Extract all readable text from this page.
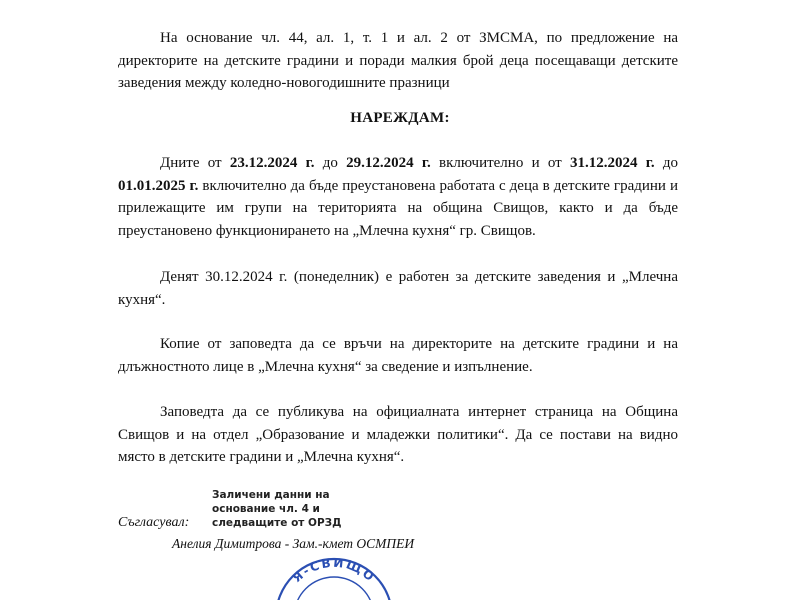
На основание чл. 44, ал. 1, т. 1 и ал. 2 от ЗМСМА, по предложение на директорите на детските градини и поради малкия брой деца посещаващи детските заведения между коледно-новогодишните празници
НАРЕЖДАМ:
Дните от 23.12.2024 г. до 29.12.2024 г. включително и от 31.12.2024 г. до 01.01.2025 г. включително да бъде преустановена работата с деца в детските градини и прилежащите им групи на територията на община Свищов, както и да бъде преустановено функционирането на „Млечна кухня“ гр. Свищов.
Денят 30.12.2024 г. (понеделник) е работен за детските заведения и „Млечна кухня“.
Копие от заповедта да се връчи на директорите на детските градини и на длъжностното лице в „Млечна кухня“ за сведение и изпълнение.
Заповедта да се публикува на официалната интернет страница на Община Свищов и на отдел „Образование и младежки политики“. Да се постави на видно място в детските градини и „Млечна кухня“.
Заличени данни на
основание чл. 4 и
следващите от ОРЗД
Съгласувал:
Анелия Димитрова - Зам.-кмет ОСМПЕИ
Я-СВИЩО
